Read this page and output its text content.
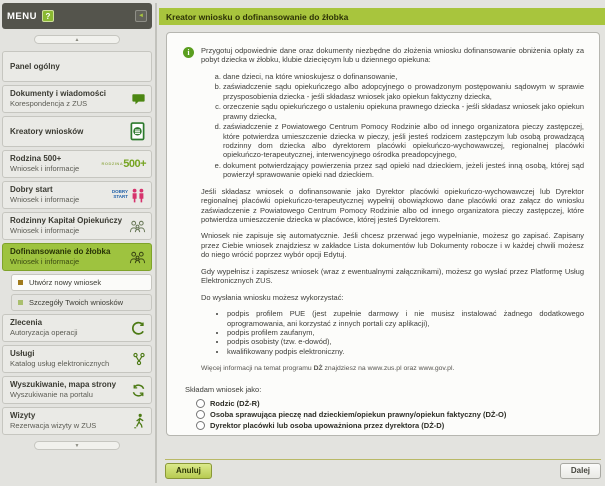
MENU	?	◄
▲
Panel ogólny
Dokumenty i wiadomości
Korespondencja z ZUS
Kreatory wniosków
Rodzina 500+
Wniosek i informacje
RODZINA 500+
Dobry start
Wniosek i informacje
DOBRY
START
Rodzinny Kapitał Opiekuńczy
Wniosek i informacje
Dofinansowanie do żłobka
Wniosek i informacje
Utwórz nowy wniosek
Szczegóły Twoich wniosków
Zlecenia
Autoryzacja operacji
Usługi
Katalog usług elektronicznych
Wyszukiwanie, mapa strony
Wyszukiwanie na portalu
Wizyty
Rezerwacja wizyty w ZUS
▼
Kreator wniosku o dofinansowanie do żłobka
i	Przygotuj odpowiednie dane oraz dokumenty niezbędne do złożenia wniosku dofinansowanie obniżenia opłaty za pobyt dziecka w żłobku, klubie dziecięcym lub u dziennego opiekuna:

a. dane dzieci, na które wnioskujesz o dofinansowanie,
b. zaświadczenie sądu opiekuńczego albo adopcyjnego o prowadzonym postępowaniu sądowym w sprawie przysposobienia dziecka - jeśli składasz wniosek jako opiekun faktyczny dziecka,
c. orzeczenie sądu opiekuńczego o ustaleniu opiekuna prawnego dziecka - jeśli składasz wniosek jako opiekun prawny dziecka,
d. zaświadczenie z Powiatowego Centrum Pomocy Rodzinie albo od innego organizatora pieczy zastępczej, które potwierdza umieszczenie dziecka w pieczy, jeśli jesteś rodzicem zastępczym lub osobą prowadzącą rodzinny dom dziecka albo dyrektorem placówki opiekuńczo-wychowawczej, regionalnej placówki opiekuńczo-terapeutycznej, interwencyjnego ośrodka preadopcyjnego,
e. dokument potwierdzający powierzenia przez sąd opieki nad dzieckiem, jeżeli jesteś inną osobą, której sąd powierzył sprawowanie opieki nad dzieckiem.

Jeśli składasz wniosek o dofinansowanie jako Dyrektor placówki opiekuńczo-wychowawczej lub Dyrektor regionalnej placówki opiekuńczo-terapeutycznej wypełnij obowiązkowo dane placówki oraz załącz do wniosku zaświadczenie z Powiatowego Centrum Pomocy Rodzinie albo od innego organizatora pieczy zastępczej, które potwierdza umieszczenie dziecka w placówce, której jesteś Dyrektorem.

Wniosek nie zapisuje się automatycznie. Jeśli chcesz przerwać jego wypełnianie, możesz go zapisać. Zapisany przez Ciebie wniosek znajdziesz w zakładce Lista dokumentów lub Dokumenty robocze i w każdej chwili możesz do niego wrócić poprzez wybór opcji Edytuj.

Gdy wypełnisz i zapiszesz wniosek (wraz z ewentualnymi załącznikami), możesz go wysłać przez Platformę Usług Elektronicznych ZUS.

Do wysłania wniosku możesz wykorzystać:

• podpis profilem PUE (jest zupełnie darmowy i nie musisz instalować żadnego dodatkowego oprogramowania, ani korzystać z innych portali czy aplikacji),
• podpis profilem zaufanym,
• podpis osobisty (tzw. e-dowód),
• kwalifikowany podpis elektroniczny.
Więcej informacji na temat programu DŻ znajdziesz na www.zus.pl oraz www.gov.pl.
Składam wniosek jako:
Rodzic (DŻ-R)
Osoba sprawująca pieczę nad dzieckiem/opiekun prawny/opiekun faktyczny (DŻ-O)
Dyrektor placówki lub osoba upoważniona przez dyrektora (DŻ-D)
Anuluj	Dalej
